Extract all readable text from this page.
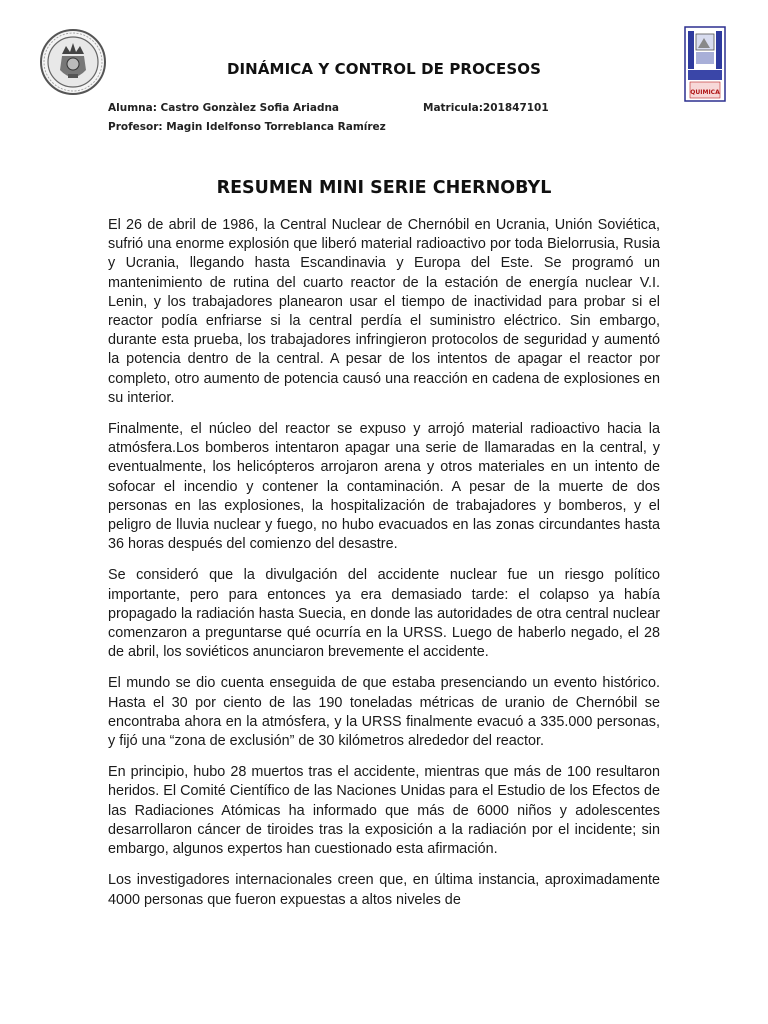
QUIMICA
DINÁMICA Y CONTROL DE PROCESOS
Alumna: Castro Gonzàlez Sofia Ariadna	Matricula:201847101
Profesor: Magin Idelfonso Torreblanca Ramírez
RESUMEN MINI SERIE CHERNOBYL

El 26 de abril de 1986, la Central Nuclear de Chernóbil en Ucrania, Unión Soviética, sufrió una enorme explosión que liberó material radioactivo por toda Bielorrusia, Rusia y Ucrania, llegando hasta Escandinavia y Europa del Este. Se programó un mantenimiento de rutina del cuarto reactor de la estación de energía nuclear V.I. Lenin, y los trabajadores planearon usar el tiempo de inactividad para probar si el reactor podía enfriarse si la central perdía el suministro eléctrico. Sin embargo, durante esta prueba, los trabajadores infringieron protocolos de seguridad y aumentó la potencia dentro de la central. A pesar de los intentos de apagar el reactor por completo, otro aumento de potencia causó una reacción en cadena de explosiones en su interior.

Finalmente, el núcleo del reactor se expuso y arrojó material radioactivo hacia la atmósfera.Los bomberos intentaron apagar una serie de llamaradas en la central, y eventualmente, los helicópteros arrojaron arena y otros materiales en un intento de sofocar el incendio y contener la contaminación. A pesar de la muerte de dos personas en las explosiones, la hospitalización de trabajadores y bomberos, y el peligro de lluvia nuclear y fuego, no hubo evacuados en las zonas circundantes hasta 36 horas después del comienzo del desastre.

Se consideró que la divulgación del accidente nuclear fue un riesgo político importante, pero para entonces ya era demasiado tarde: el colapso ya había propagado la radiación hasta Suecia, en donde las autoridades de otra central nuclear comenzaron a preguntarse qué ocurría en la URSS. Luego de haberlo negado, el 28 de abril, los soviéticos anunciaron brevemente el accidente.

El mundo se dio cuenta enseguida de que estaba presenciando un evento histórico. Hasta el 30 por ciento de las 190 toneladas métricas de uranio de Chernóbil se encontraba ahora en la atmósfera, y la URSS finalmente evacuó a 335.000 personas, y fijó una “zona de exclusión” de 30 kilómetros alrededor del reactor.

En principio, hubo 28 muertos tras el accidente, mientras que más de 100 resultaron heridos. El Comité Científico de las Naciones Unidas para el Estudio de los Efectos de las Radiaciones Atómicas ha informado que más de 6000 niños y adolescentes desarrollaron cáncer de tiroides tras la exposición a la radiación por el incidente; sin embargo, algunos expertos han cuestionado esta afirmación.

Los investigadores internacionales creen que, en última instancia, aproximadamente 4000 personas que fueron expuestas a altos niveles de
